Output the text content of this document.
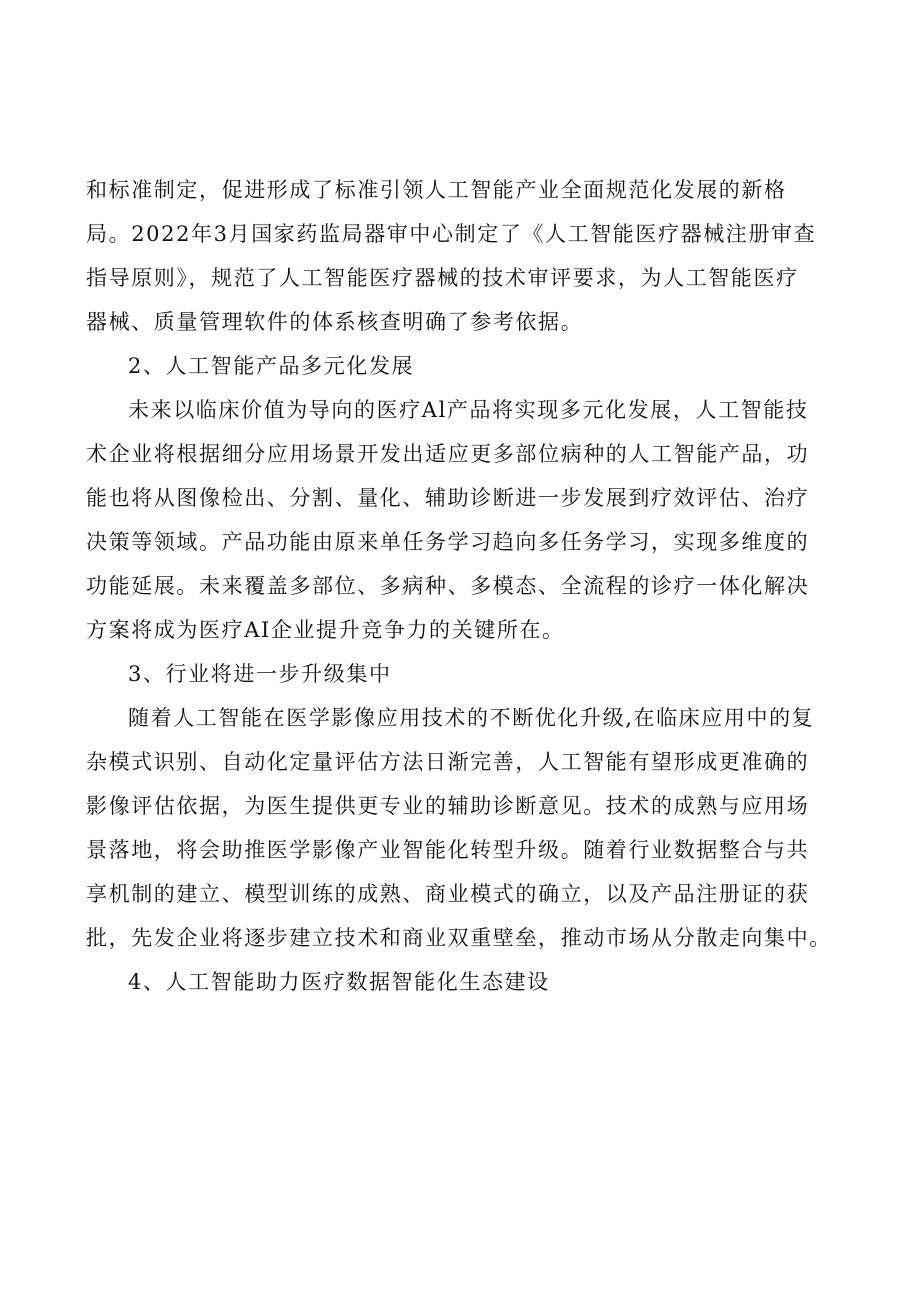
和标准制定，促进形成了标准引领人工智能产业全面规范化发展的新格
局。2022年3月国家药监局器审中心制定了《人工智能医疗器械注册审查
指导原则》，规范了人工智能医疗器械的技术审评要求，为人工智能医疗
器械、质量管理软件的体系核查明确了参考依据。
2、人工智能产品多元化发展
未来以临床价值为导向的医疗Al产品将实现多元化发展，人工智能技
术企业将根据细分应用场景开发出适应更多部位病种的人工智能产品，功
能也将从图像检出、分割、量化、辅助诊断进一步发展到疗效评估、治疗
决策等领域。产品功能由原来单任务学习趋向多任务学习，实现多维度的
功能延展。未来覆盖多部位、多病种、多模态、全流程的诊疗一体化解决
方案将成为医疗AI企业提升竞争力的关键所在。
3、行业将进一步升级集中
随着人工智能在医学影像应用技术的不断优化升级,在临床应用中的复
杂模式识别、自动化定量评估方法日渐完善，人工智能有望形成更准确的
影像评估依据，为医生提供更专业的辅助诊断意见。技术的成熟与应用场
景落地，将会助推医学影像产业智能化转型升级。随着行业数据整合与共
享机制的建立、模型训练的成熟、商业模式的确立，以及产品注册证的获
批，先发企业将逐步建立技术和商业双重壁垒，推动市场从分散走向集中。
4、人工智能助力医疗数据智能化生态建设
